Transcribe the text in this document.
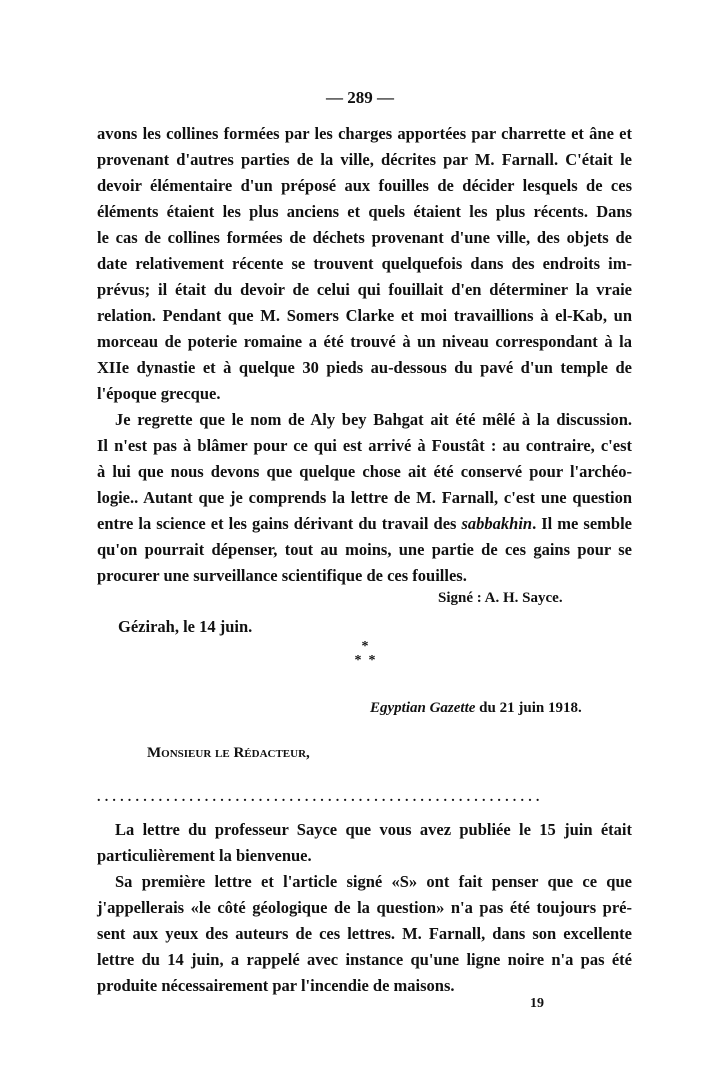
— 289 —
avons les collines formées par les charges apportées par charrette et âne et
provenant d'autres parties de la ville, décrites par M. Farnall. C'était le
devoir élémentaire d'un préposé aux fouilles de décider lesquels de ces
éléments étaient les plus anciens et quels étaient les plus récents. Dans
le cas de collines formées de déchets provenant d'une ville, des objets de
date relativement récente se trouvent quelquefois dans des endroits im-
prévus; il était du devoir de celui qui fouillait d'en déterminer la vraie
relation. Pendant que M. Somers Clarke et moi travaillions à el-Kab, un
morceau de poterie romaine a été trouvé à un niveau correspondant à la
XIIe dynastie et à quelque 30 pieds au-dessous du pavé d'un temple de
l'époque grecque.
Je regrette que le nom de Aly bey Bahgat ait été mêlé à la discussion.
Il n'est pas à blâmer pour ce qui est arrivé à Foustât : au contraire, c'est
à lui que nous devons que quelque chose ait été conservé pour l'archéo-
logie.. Autant que je comprends la lettre de M. Farnall, c'est une question
entre la science et les gains dérivant du travail des sabbakhin. Il me semble
qu'on pourrait dépenser, tout au moins, une partie de ces gains pour se
procurer une surveillance scientifique de ces fouilles.
Signé : A. H. Sayce.
Gézirah, le 14 juin.
*
*  *
Egyptian Gazette du 21 juin 1918.
Monsieur le Rédacteur,
..........................................................
La lettre du professeur Sayce que vous avez publiée le 15 juin était
particulièrement la bienvenue.
Sa première lettre et l'article signé «S» ont fait penser que ce que
j'appellerais «le côté géologique de la question» n'a pas été toujours pré-
sent aux yeux des auteurs de ces lettres. M. Farnall, dans son excellente
lettre du 14 juin, a rappelé avec instance qu'une ligne noire n'a pas été
produite nécessairement par l'incendie de maisons.
19
